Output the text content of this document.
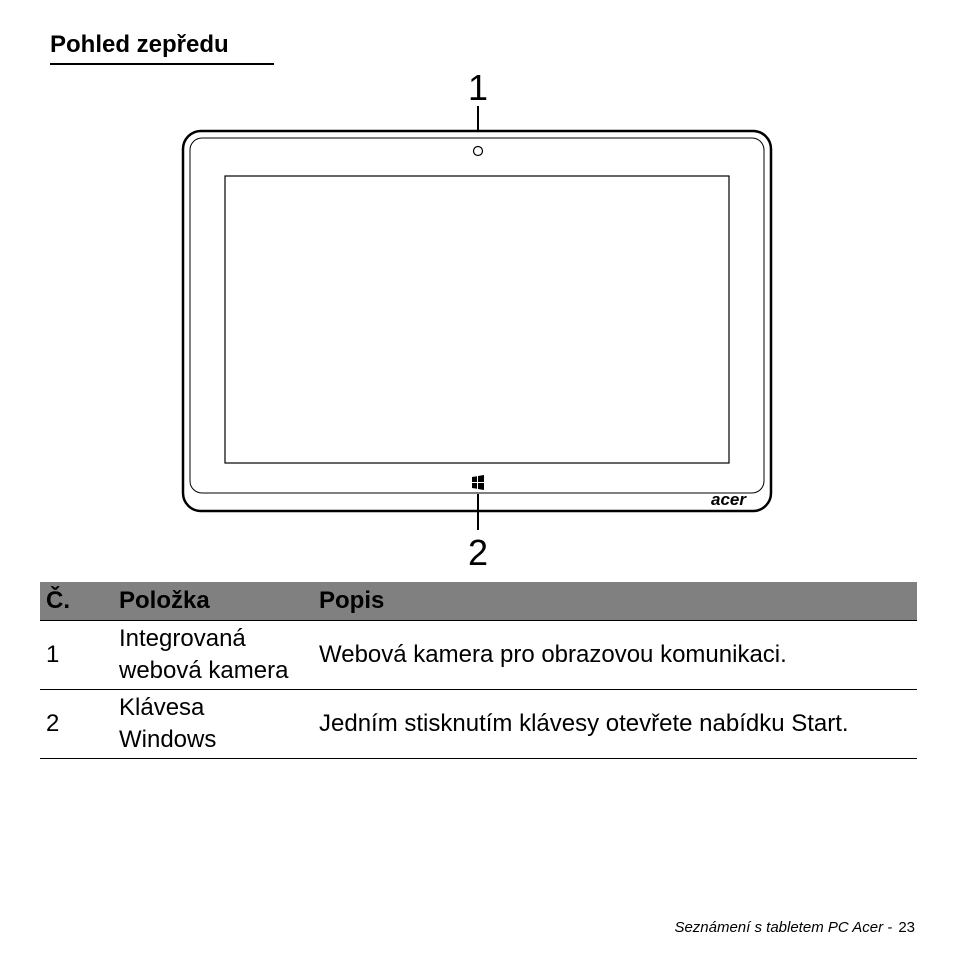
Pohled zepředu
1
acer
2
Č.	Položka	Popis
1	Integrovaná webová kamera	Webová kamera pro obrazovou komunikaci.
2	Klávesa Windows	Jedním stisknutím klávesy otevřete nabídku Start.
Seznámení s tabletem PC Acer - 23
